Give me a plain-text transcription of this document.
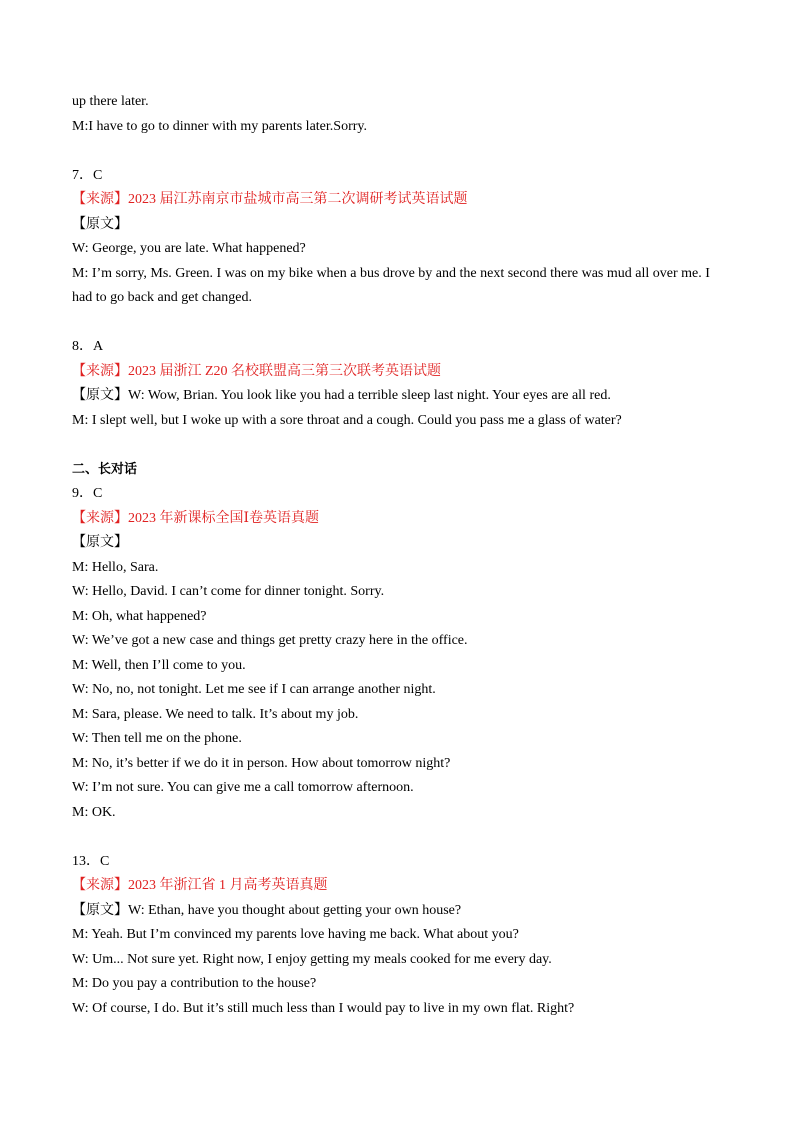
up there later.
M:I have to go to dinner with my parents later.Sorry.
7．C
【来源】2023 届江苏南京市盐城市高三第二次调研考试英语试题
【原文】
W: George, you are late. What happened?
M: I’m sorry, Ms. Green. I was on my bike when a bus drove by and the next second there was mud all over me. I had to go back and get changed.
8．A
【来源】2023 届浙江 Z20 名校联盟高三第三次联考英语试题
【原文】W: Wow, Brian. You look like you had a terrible sleep last night. Your eyes are all red.
M: I slept well, but I woke up with a sore throat and a cough. Could you pass me a glass of water?
二、长对话
9．C
【来源】2023 年新课标全国Ⅰ卷英语真题
【原文】
M: Hello, Sara.
W: Hello, David. I can’t come for dinner tonight. Sorry.
M: Oh, what happened?
W: We’ve got a new case and things get pretty crazy here in the office.
M: Well, then I’ll come to you.
W: No, no, not tonight. Let me see if I can arrange another night.
M: Sara, please. We need to talk. It’s about my job.
W: Then tell me on the phone.
M: No, it’s better if we do it in person. How about tomorrow night?
W: I’m not sure. You can give me a call tomorrow afternoon.
M: OK.
13．C
【来源】2023 年浙江省 1 月高考英语真题
【原文】W: Ethan, have you thought about getting your own house?
M: Yeah. But I’m convinced my parents love having me back. What about you?
W: Um... Not sure yet. Right now, I enjoy getting my meals cooked for me every day.
M: Do you pay a contribution to the house?
W: Of course, I do. But it’s still much less than I would pay to live in my own flat. Right?
